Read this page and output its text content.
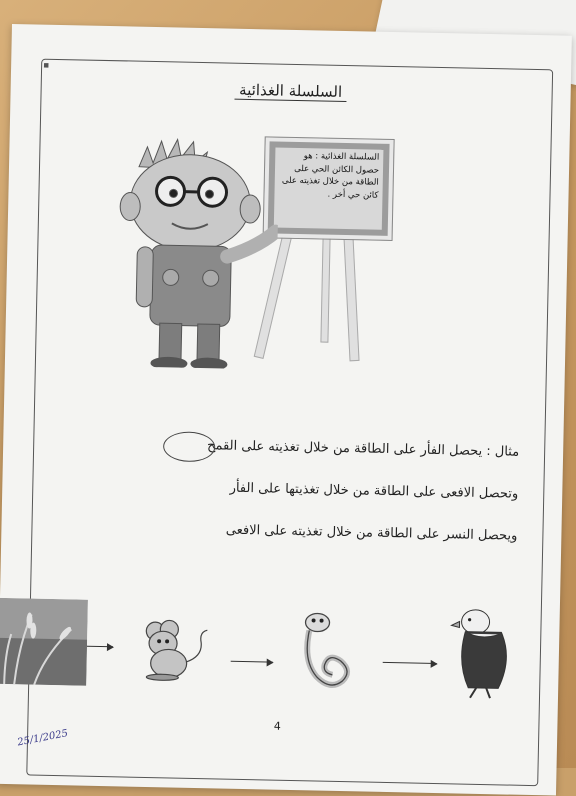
▪
السلسلة الغذائية
السلسلة الغذائية : هو حصول الكائن الحي على الطاقة من خلال تغذيته على كائن حي أخر .
مثال : يحصل الفأر على الطاقة من خلال تغذيته على القمح
وتحصل الافعى على الطاقة من خلال تغذيتها على الفأر
ويحصل النسر على الطاقة من خلال تغذيته على الافعى
4
25/1/2025
